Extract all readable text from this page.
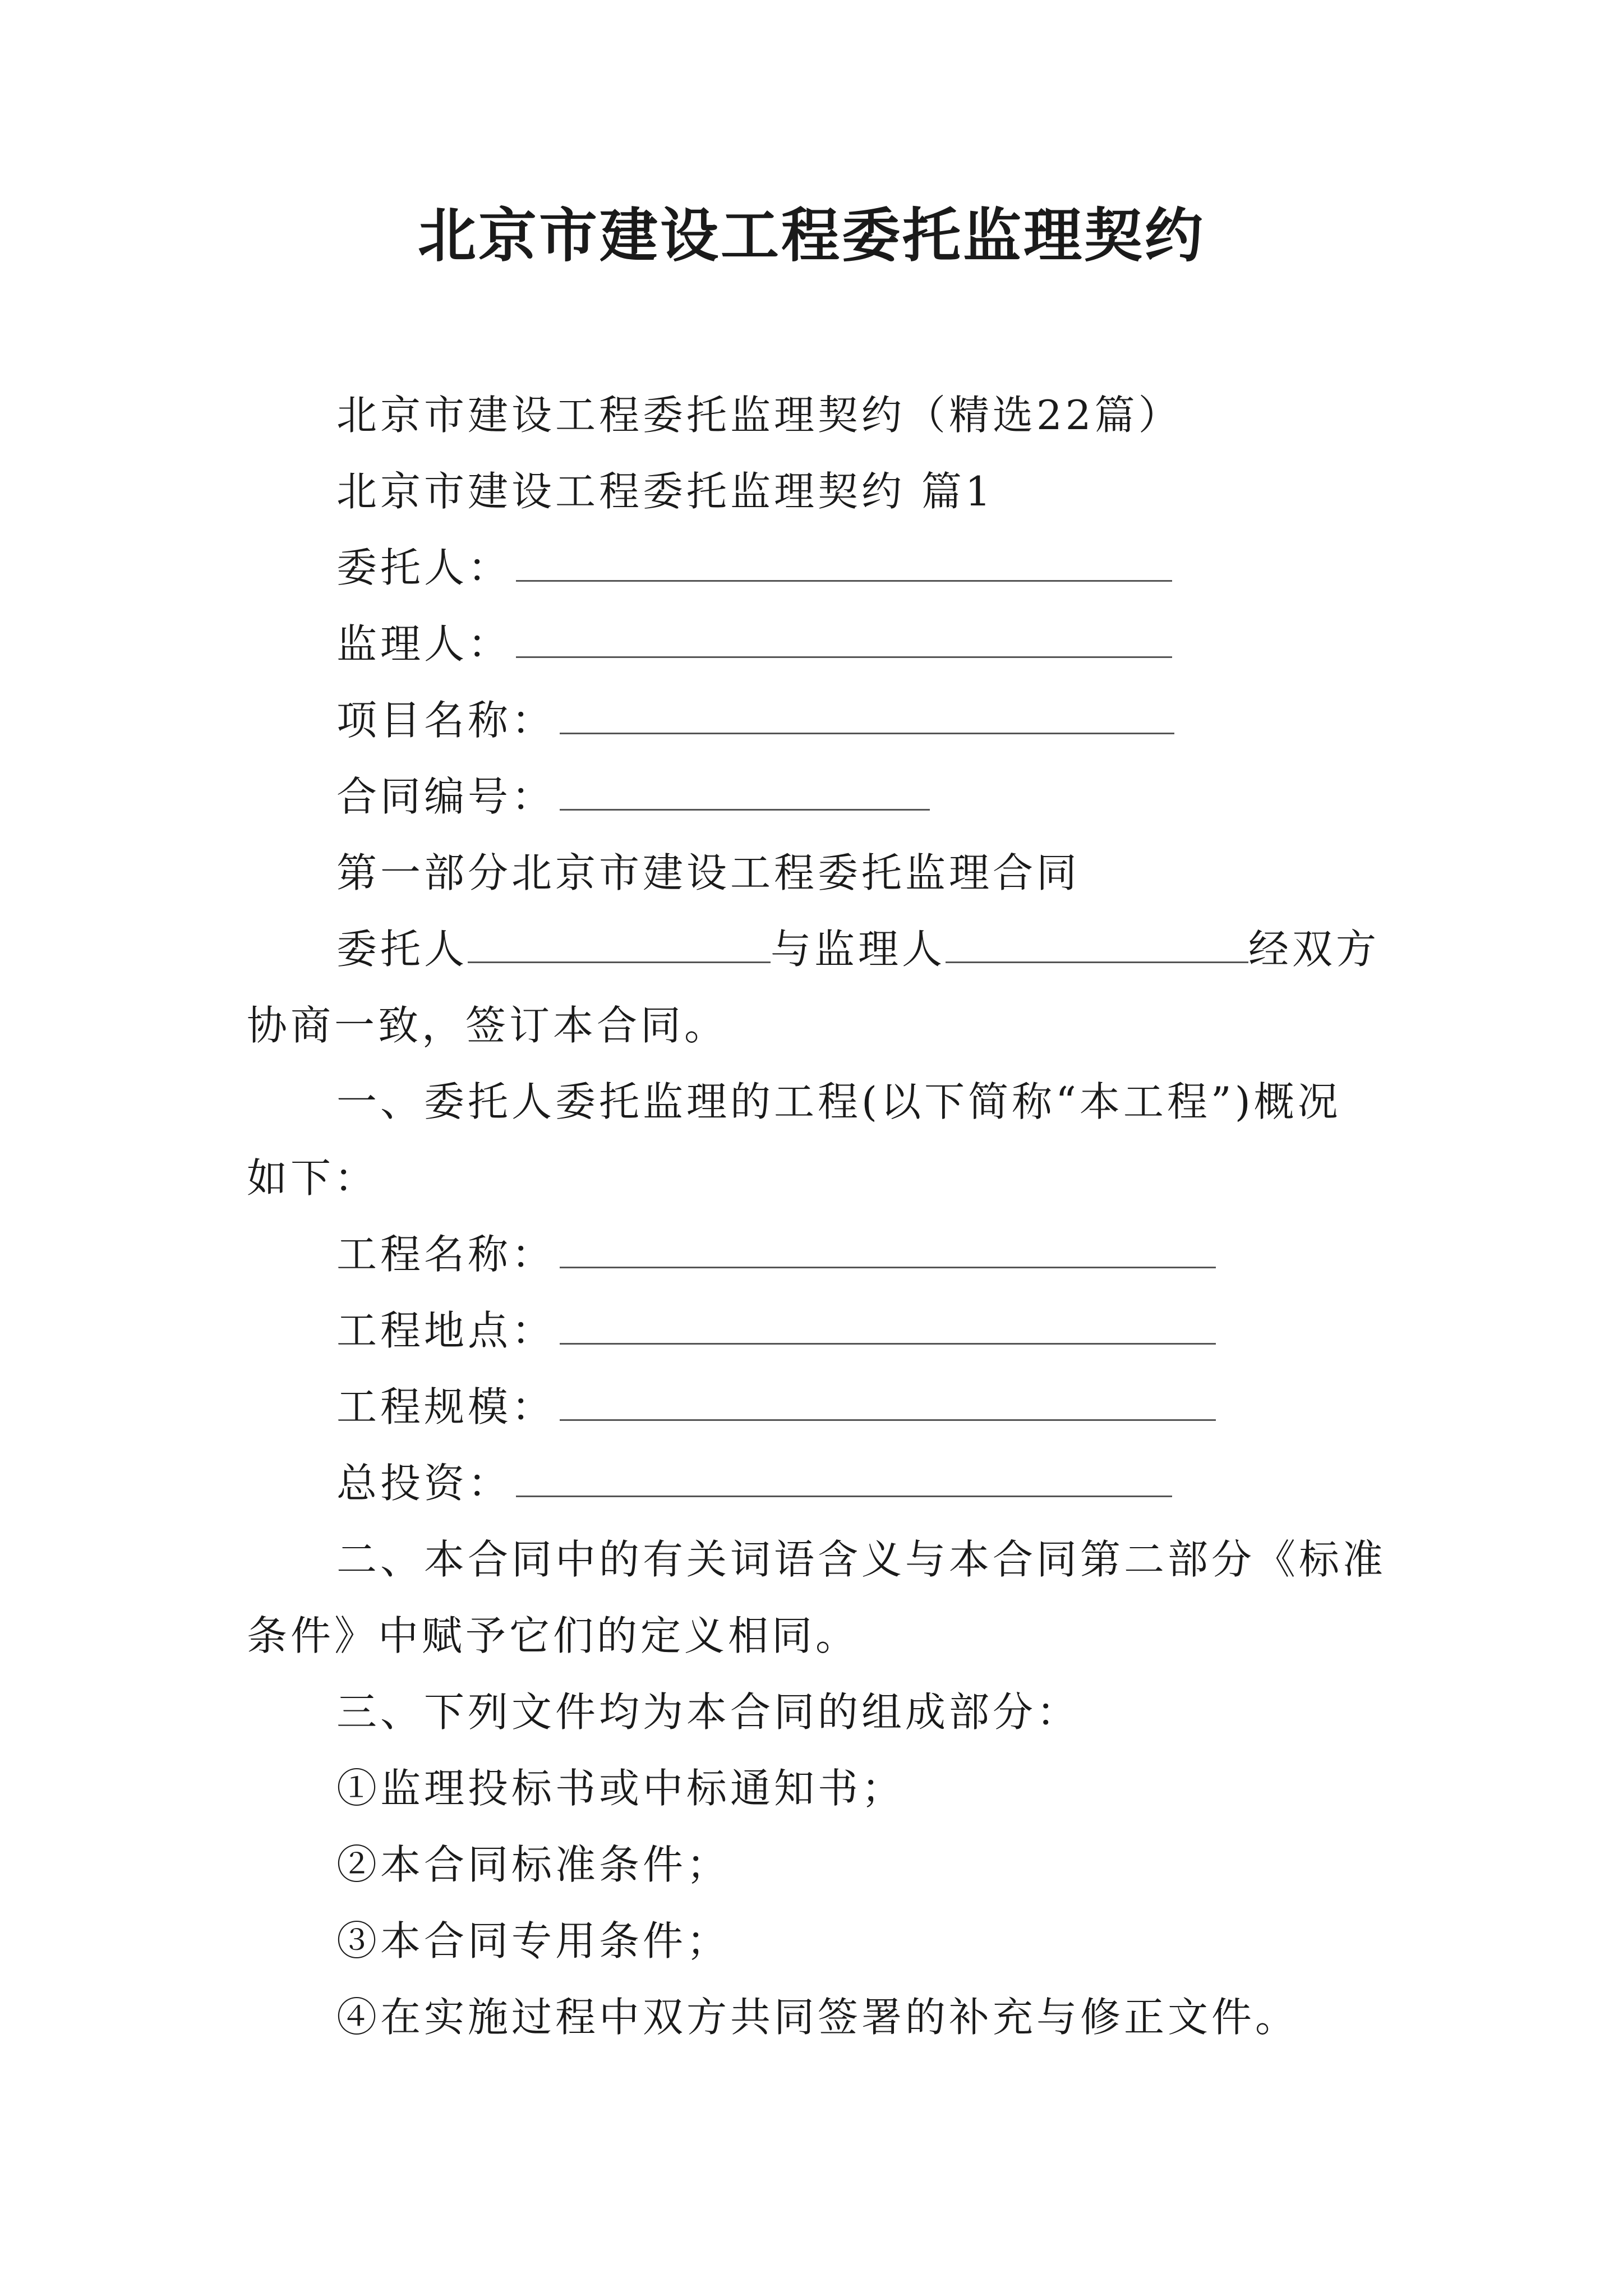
北京市建设工程委托监理契约
北京市建设工程委托监理契约（精选22篇）
北京市建设工程委托监理契约 篇1
委托人：
监理人：
项目名称：
合同编号：
第一部分北京市建设工程委托监理合同
委托人	与监理人	经双方
协商一致，签订本合同。
一、委托人委托监理的工程(以下简称“本工程”)概况
如下：
工程名称：
工程地点：
工程规模：
总投资：
二、本合同中的有关词语含义与本合同第二部分《标准
条件》中赋予它们的定义相同。
三、下列文件均为本合同的组成部分：
①监理投标书或中标通知书；
②本合同标准条件；
③本合同专用条件；
④在实施过程中双方共同签署的补充与修正文件。
